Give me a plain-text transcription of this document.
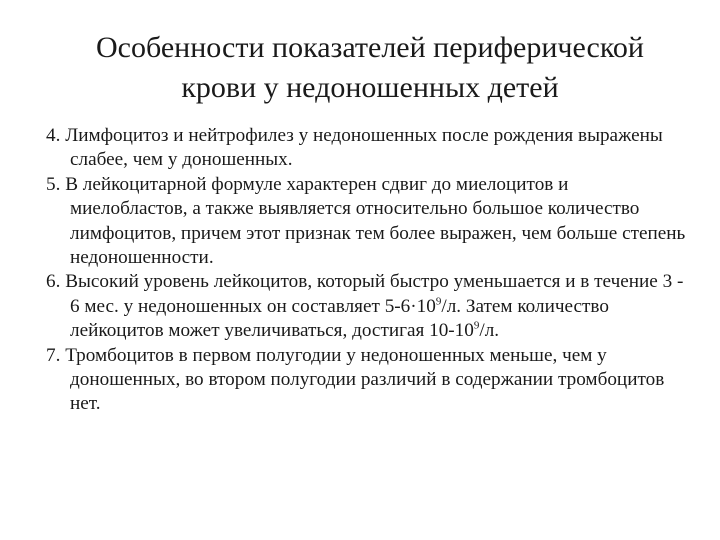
Особенности показателей периферической
крови у недоношенных детей

4. Лимфоцитоз и нейтрофилез у недоношенных после рождения выражены слабее, чем у доношенных.

5. В лейкоцитарной формуле характерен сдвиг до миелоцитов и миелобластов, а также выявляется относительно большое количество лимфоцитов, причем этот признак тем более выражен, чем больше степень недоношенности.

6. Высокий уровень лейкоцитов, который быстро уменьшается и в течение 3 - 6 мес. у недоношенных он составляет $5-6\cdot 10^9/л$. Затем количество лейкоцитов может увеличиваться, достигая $10-10^9/л$.

7. Тромбоцитов в первом полугодии у недоношенных меньше, чем у доношенных, во втором полугодии различий в содержании тромбоцитов нет.
